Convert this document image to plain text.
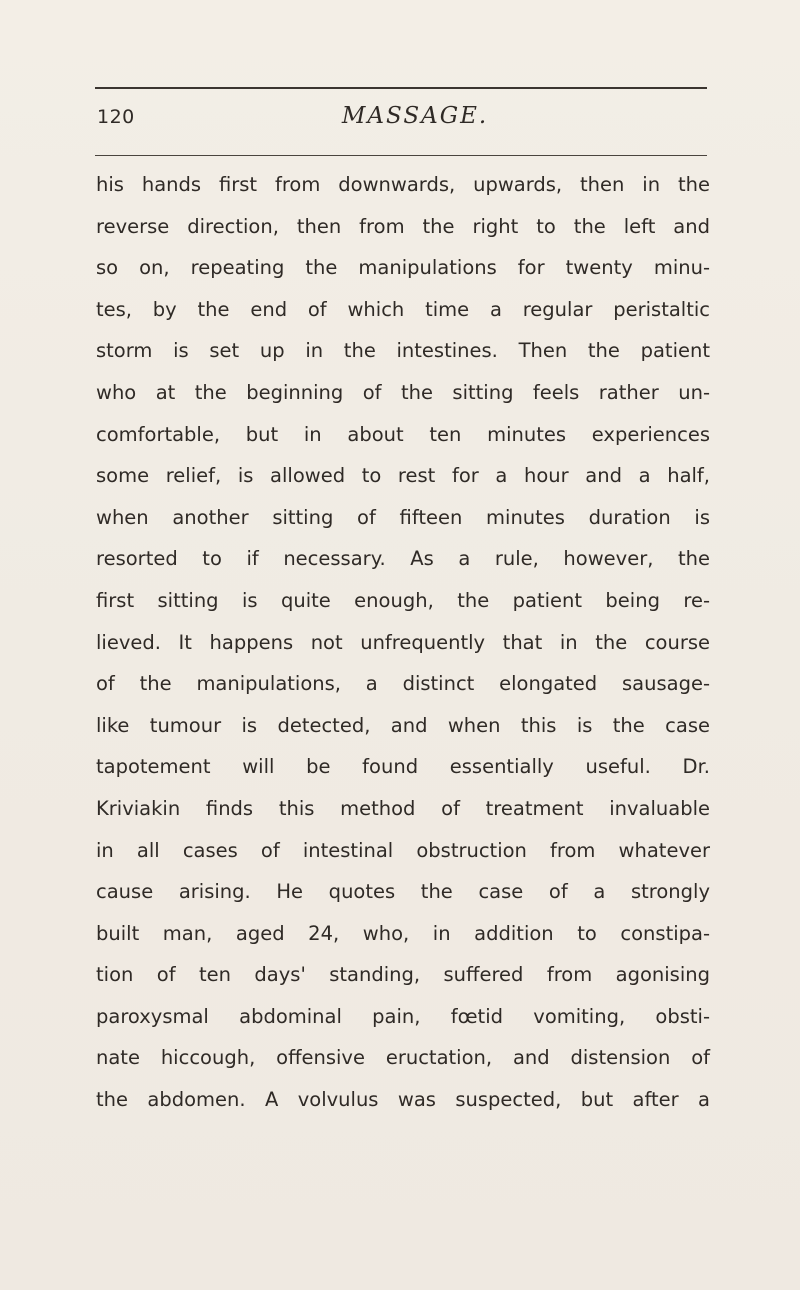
120	MASSAGE.
his hands first from downwards, upwards, then in the
reverse direction, then from the right to the left and
so on, repeating the manipulations for twenty minu-
tes, by the end of which time a regular peristaltic
storm is set up in the intestines. Then the patient
who at the beginning of the sitting feels rather un-
comfortable, but in about ten minutes experiences
some relief, is allowed to rest for a hour and a half,
when another sitting of fifteen minutes duration is
resorted to if necessary. As a rule, however, the
first sitting is quite enough, the patient being re-
lieved. It happens not unfrequently that in the course
of the manipulations, a distinct elongated sausage-
like tumour is detected, and when this is the case
tapotement will be found essentially useful. Dr.
Kriviakin finds this method of treatment invaluable
in all cases of intestinal obstruction from whatever
cause arising. He quotes the case of a strongly
built man, aged 24, who, in addition to constipa-
tion of ten days' standing, suffered from agonising
paroxysmal abdominal pain, fœtid vomiting, obsti-
nate hiccough, offensive eructation, and distension of
the abdomen. A volvulus was suspected, but after a
